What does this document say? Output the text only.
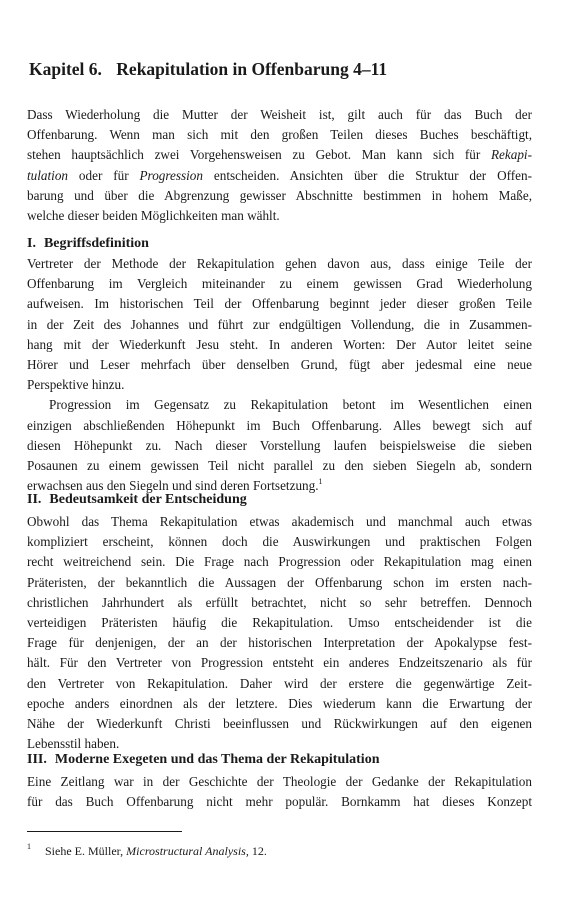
Kapitel 6. Rekapitulation in Offenbarung 4–11
Dass Wiederholung die Mutter der Weisheit ist, gilt auch für das Buch der
Offenbarung. Wenn man sich mit den großen Teilen dieses Buches beschäftigt,
stehen hauptsächlich zwei Vorgehensweisen zu Gebot. Man kann sich für Rekapi-
tulation oder für Progression entscheiden. Ansichten über die Struktur der Offen-
barung und über die Abgrenzung gewisser Abschnitte bestimmen in hohem Maße,
welche dieser beiden Möglichkeiten man wählt.
I. Begriffsdefinition
Vertreter der Methode der Rekapitulation gehen davon aus, dass einige Teile der
Offenbarung im Vergleich miteinander zu einem gewissen Grad Wiederholung
aufweisen. Im historischen Teil der Offenbarung beginnt jeder dieser großen Teile
in der Zeit des Johannes und führt zur endgültigen Vollendung, die in Zusammen-
hang mit der Wiederkunft Jesu steht. In anderen Worten: Der Autor leitet seine
Hörer und Leser mehrfach über denselben Grund, fügt aber jedesmal eine neue
Perspektive hinzu.
Progression im Gegensatz zu Rekapitulation betont im Wesentlichen einen
einzigen abschließenden Höhepunkt im Buch Offenbarung. Alles bewegt sich auf
diesen Höhepunkt zu. Nach dieser Vorstellung laufen beispielsweise die sieben
Posaunen zu einem gewissen Teil nicht parallel zu den sieben Siegeln ab, sondern
erwachsen aus den Siegeln und sind deren Fortsetzung.$^1$
II. Bedeutsamkeit der Entscheidung
Obwohl das Thema Rekapitulation etwas akademisch und manchmal auch etwas
kompliziert erscheint, können doch die Auswirkungen und praktischen Folgen
recht weitreichend sein. Die Frage nach Progression oder Rekapitulation mag einen
Präteristen, der bekanntlich die Aussagen der Offenbarung schon im ersten nach-
christlichen Jahrhundert als erfüllt betrachtet, nicht so sehr betreffen. Dennoch
verteidigen Präteristen häufig die Rekapitulation. Umso entscheidender ist die
Frage für denjenigen, der an der historischen Interpretation der Apokalypse fest-
hält. Für den Vertreter von Progression entsteht ein anderes Endzeitszenario als für
den Vertreter von Rekapitulation. Daher wird der erstere die gegenwärtige Zeit-
epoche anders einordnen als der letztere. Dies wiederum kann die Erwartung der
Nähe der Wiederkunft Christi beeinflussen und Rückwirkungen auf den eigenen
Lebensstil haben.
III. Moderne Exegeten und das Thema der Rekapitulation
Eine Zeitlang war in der Geschichte der Theologie der Gedanke der Rekapitulation
für das Buch Offenbarung nicht mehr populär. Bornkamm hat dieses Konzept
$^1$ Siehe E. Müller, Microstructural Analysis, 12.
